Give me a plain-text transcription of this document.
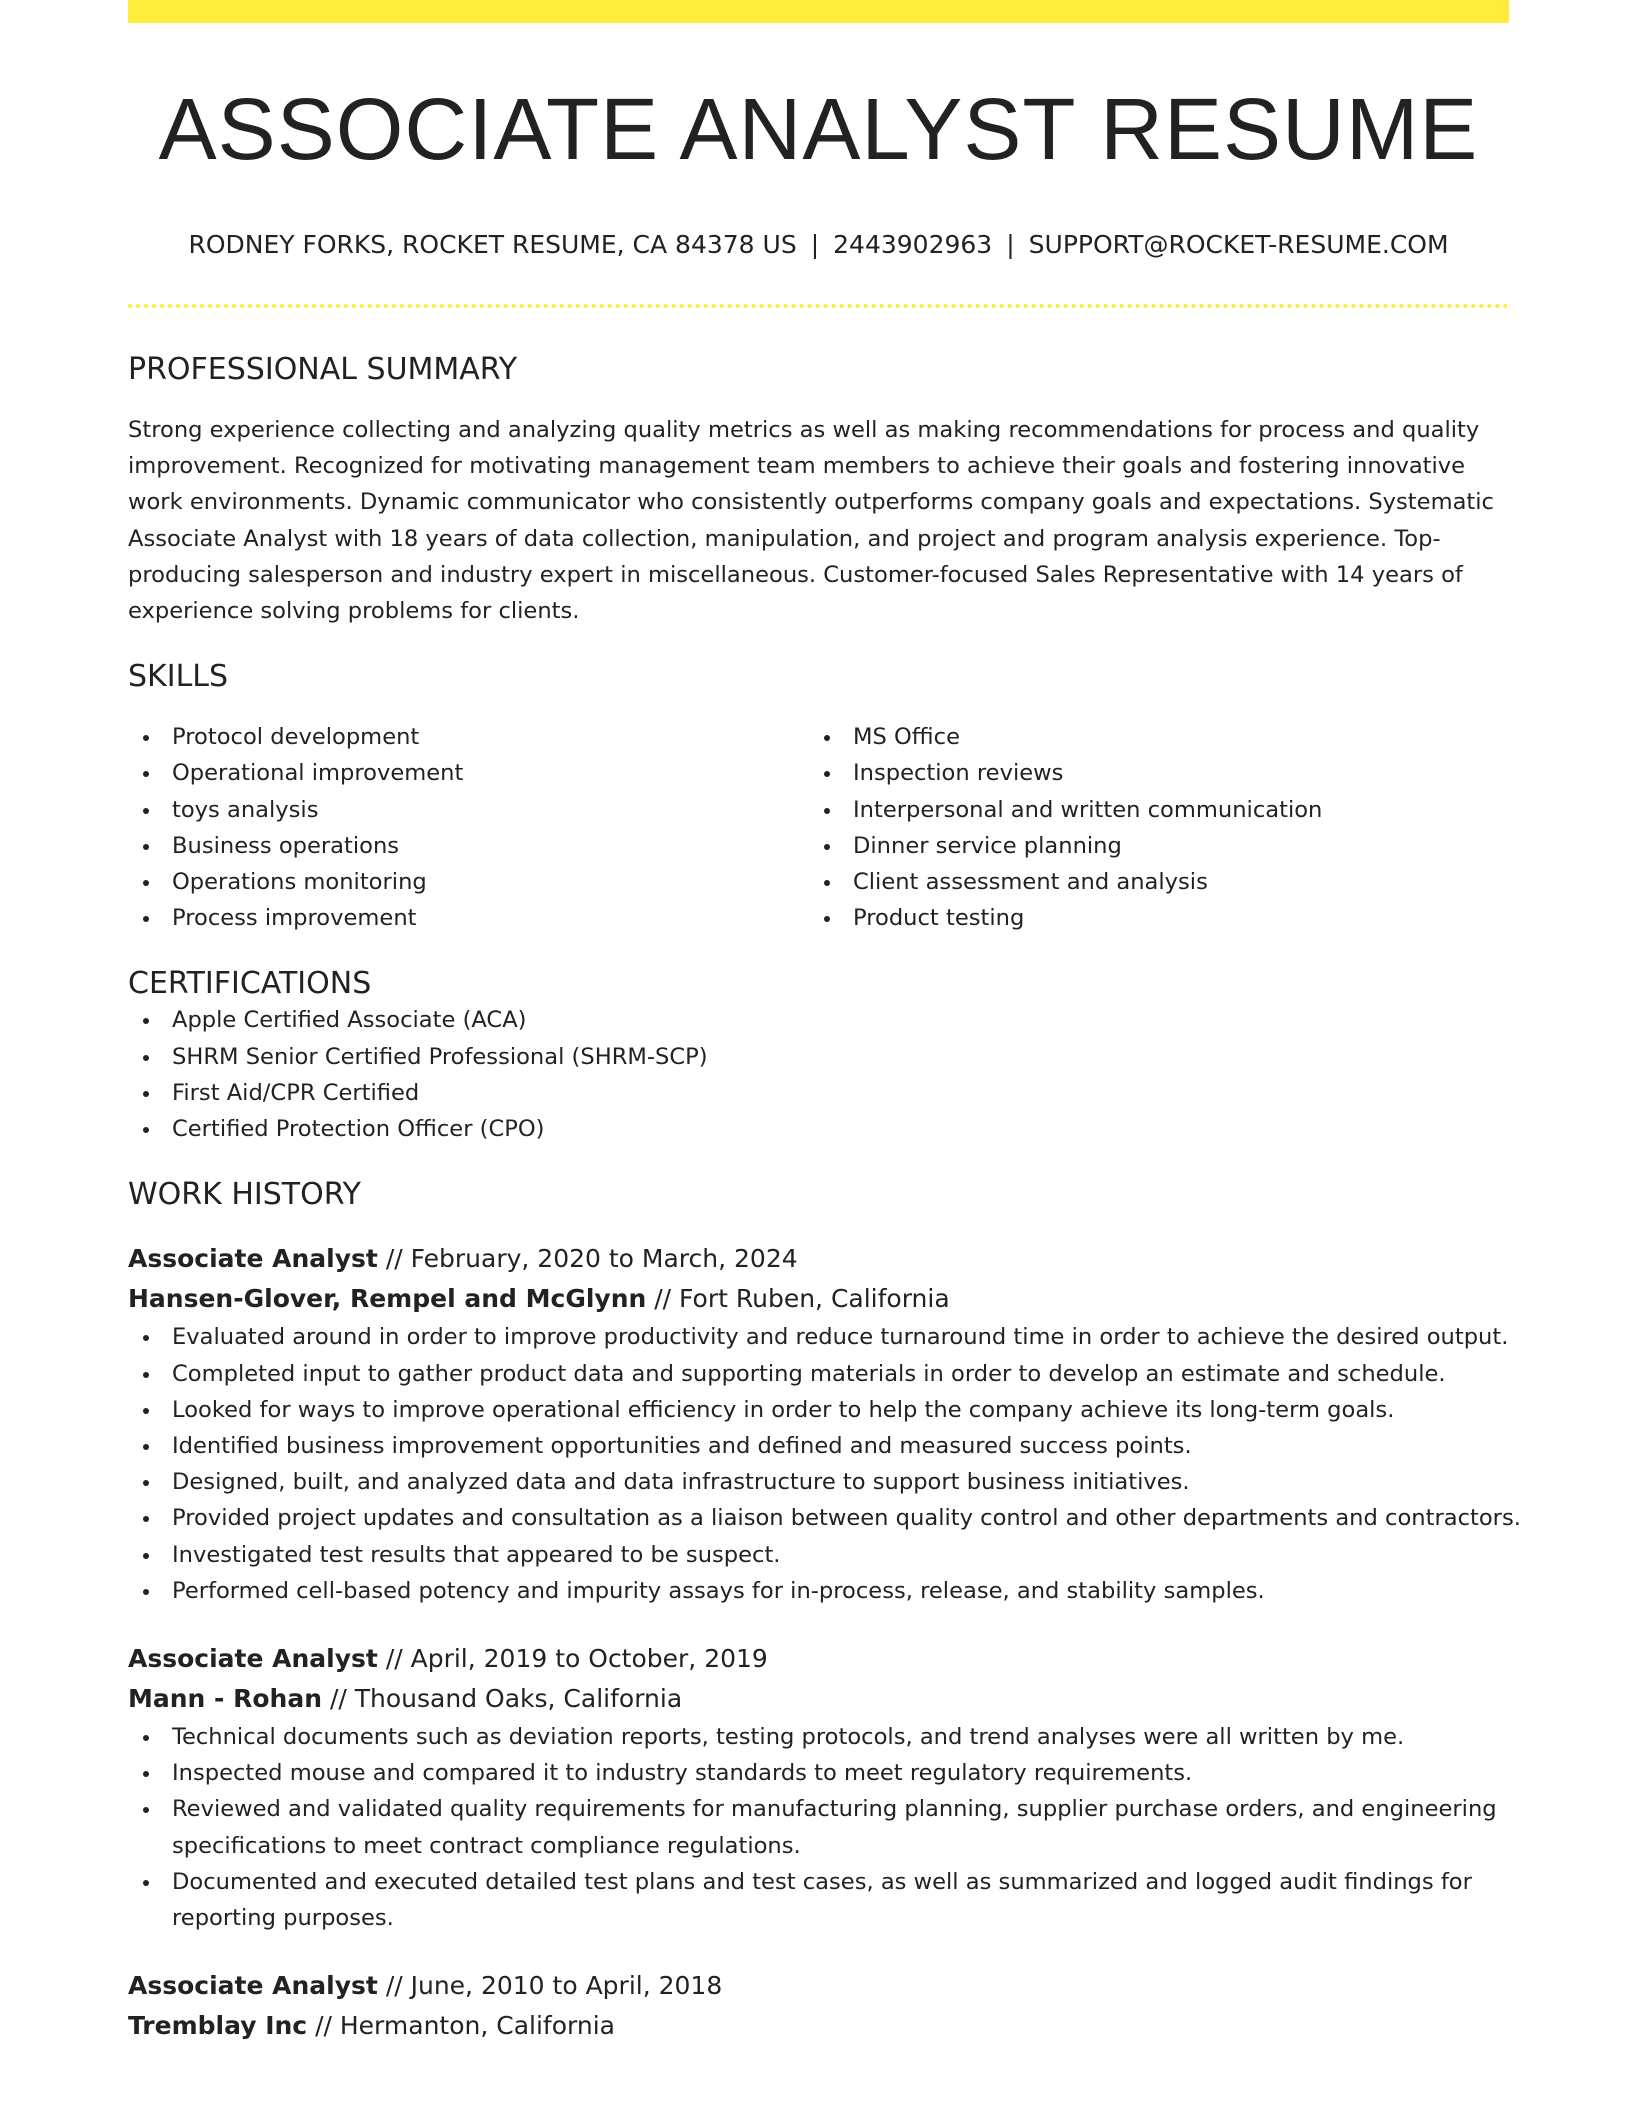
ASSOCIATE ANALYST RESUME
RODNEY FORKS, ROCKET RESUME, CA 84378 US | 2443902963 | SUPPORT@ROCKET-RESUME.COM
PROFESSIONAL SUMMARY
Strong experience collecting and analyzing quality metrics as well as making recommendations for process and quality improvement. Recognized for motivating management team members to achieve their goals and fostering innovative work environments. Dynamic communicator who consistently outperforms company goals and expectations. Systematic Associate Analyst with 18 years of data collection, manipulation, and project and program analysis experience. Top-producing salesperson and industry expert in miscellaneous. Customer-focused Sales Representative with 14 years of experience solving problems for clients.
SKILLS
Protocol development
Operational improvement
toys analysis
Business operations
Operations monitoring
Process improvement
MS Office
Inspection reviews
Interpersonal and written communication
Dinner service planning
Client assessment and analysis
Product testing
CERTIFICATIONS
Apple Certified Associate (ACA)
SHRM Senior Certified Professional (SHRM-SCP)
First Aid/CPR Certified
Certified Protection Officer (CPO)
WORK HISTORY
Associate Analyst // February, 2020 to March, 2024
Hansen-Glover, Rempel and McGlynn // Fort Ruben, California
Evaluated around in order to improve productivity and reduce turnaround time in order to achieve the desired output.
Completed input to gather product data and supporting materials in order to develop an estimate and schedule.
Looked for ways to improve operational efficiency in order to help the company achieve its long-term goals.
Identified business improvement opportunities and defined and measured success points.
Designed, built, and analyzed data and data infrastructure to support business initiatives.
Provided project updates and consultation as a liaison between quality control and other departments and contractors.
Investigated test results that appeared to be suspect.
Performed cell-based potency and impurity assays for in-process, release, and stability samples.
Associate Analyst // April, 2019 to October, 2019
Mann - Rohan // Thousand Oaks, California
Technical documents such as deviation reports, testing protocols, and trend analyses were all written by me.
Inspected mouse and compared it to industry standards to meet regulatory requirements.
Reviewed and validated quality requirements for manufacturing planning, supplier purchase orders, and engineering specifications to meet contract compliance regulations.
Documented and executed detailed test plans and test cases, as well as summarized and logged audit findings for reporting purposes.
Associate Analyst // June, 2010 to April, 2018
Tremblay Inc // Hermanton, California
